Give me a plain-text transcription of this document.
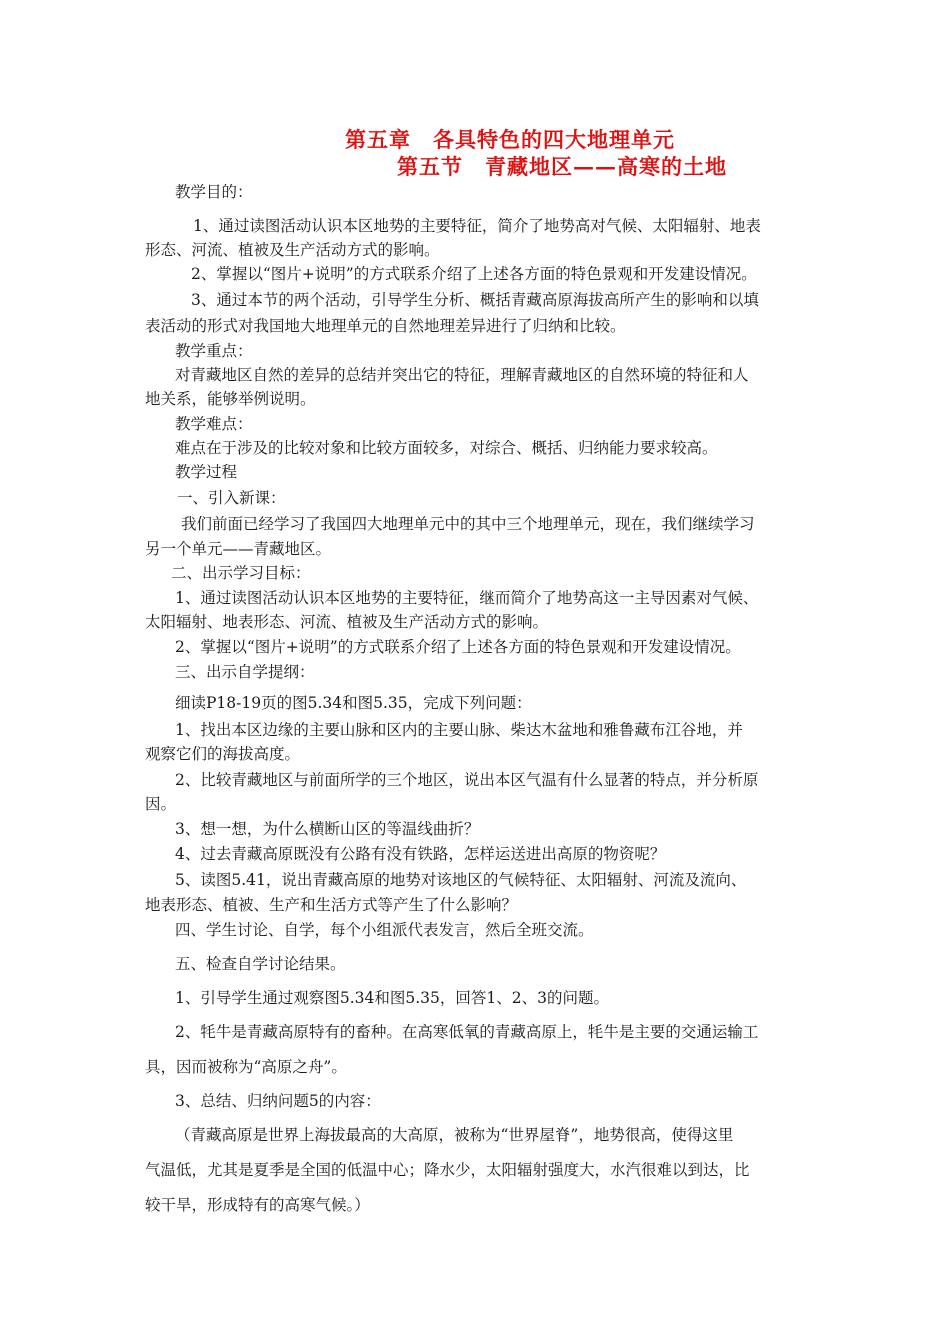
第五章　各具特色的四大地理单元
第五节　青藏地区——高寒的土地
教学目的：
1、通过读图活动认识本区地势的主要特征，简介了地势高对气候、太阳辐射、地表
形态、河流、植被及生产活动方式的影响。
2、掌握以“图片+说明”的方式联系介绍了上述各方面的特色景观和开发建设情况。
3、通过本节的两个活动，引导学生分析、概括青藏高原海拔高所产生的影响和以填
表活动的形式对我国地大地理单元的自然地理差异进行了归纳和比较。
教学重点：
对青藏地区自然的差异的总结并突出它的特征，理解青藏地区的自然环境的特征和人
地关系，能够举例说明。
教学难点：
难点在于涉及的比较对象和比较方面较多，对综合、概括、归纳能力要求较高。
教学过程
一、引入新课：
我们前面已经学习了我国四大地理单元中的其中三个地理单元，现在，我们继续学习
另一个单元——青藏地区。
二、出示学习目标：
1、通过读图活动认识本区地势的主要特征，继而简介了地势高这一主导因素对气候、
太阳辐射、地表形态、河流、植被及生产活动方式的影响。
2、掌握以“图片+说明”的方式联系介绍了上述各方面的特色景观和开发建设情况。
三、出示自学提纲：
细读P18-19页的图5.34和图5.35，完成下列问题：
1、找出本区边缘的主要山脉和区内的主要山脉、柴达木盆地和雅鲁藏布江谷地，并
观察它们的海拔高度。
2、比较青藏地区与前面所学的三个地区，说出本区气温有什么显著的特点，并分析原
因。
3、想一想，为什么横断山区的等温线曲折？
4、过去青藏高原既没有公路有没有铁路，怎样运送进出高原的物资呢？
5、读图5.41，说出青藏高原的地势对该地区的气候特征、太阳辐射、河流及流向、
地表形态、植被、生产和生活方式等产生了什么影响？
四、学生讨论、自学，每个小组派代表发言，然后全班交流。
五、检查自学讨论结果。
1、引导学生通过观察图5.34和图5.35，回答1、2、3的问题。
2、牦牛是青藏高原特有的畜种。在高寒低氧的青藏高原上，牦牛是主要的交通运输工
具，因而被称为“高原之舟”。
3、总结、归纳问题5的内容：
（青藏高原是世界上海拔最高的大高原，被称为“世界屋脊”，地势很高，使得这里
气温低，尤其是夏季是全国的低温中心；降水少，太阳辐射强度大，水汽很难以到达，比
较干旱，形成特有的高寒气候。）
